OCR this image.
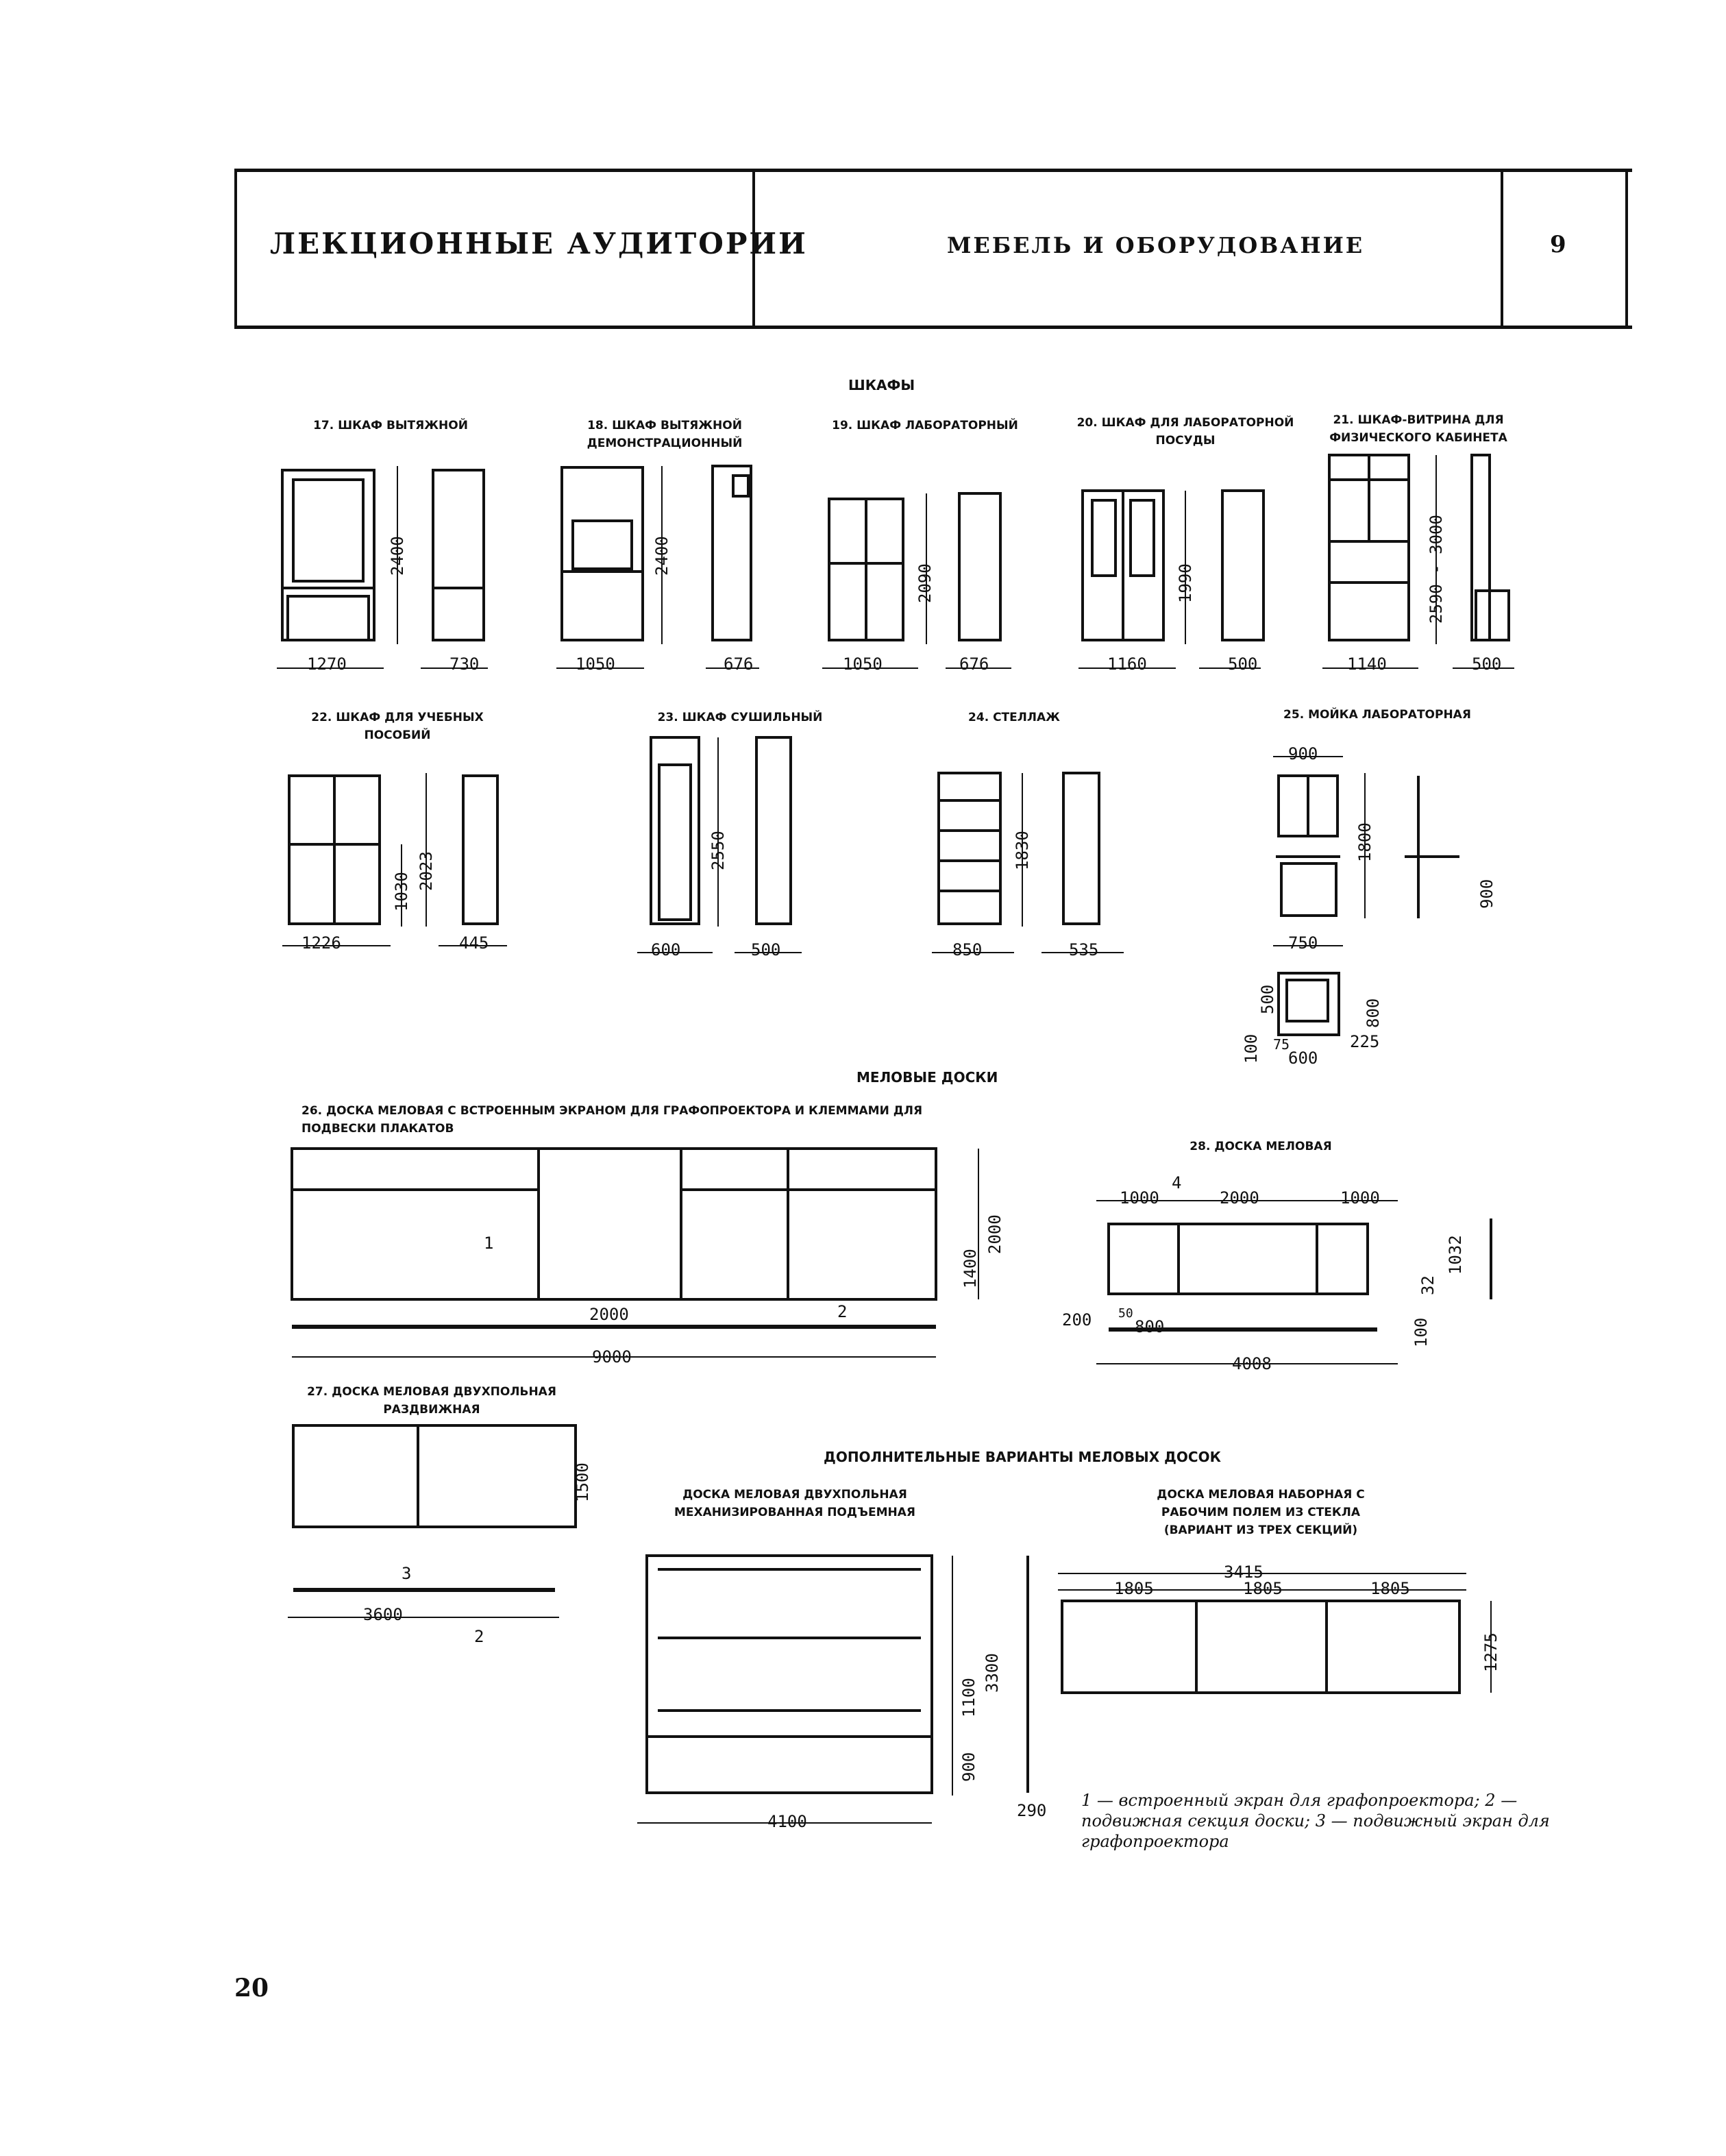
ЛЕКЦИОННЫЕ АУДИТОРИИ	МЕБЕЛЬ И ОБОРУДОВАНИЕ	9
ШКАФЫ
МЕЛОВЫЕ ДОСКИ
ДОПОЛНИТЕЛЬНЫЕ ВАРИАНТЫ МЕЛОВЫХ ДОСОК
17. ШКАФ ВЫТЯЖНОЙ	18. ШКАФ ВЫТЯЖНОЙ ДЕМОНСТРАЦИОННЫЙ
19. ШКАФ ЛАБОРАТОРНЫЙ	20. ШКАФ ДЛЯ ЛАБОРАТОРНОЙ ПОСУДЫ
21. ШКАФ-ВИТРИНА ДЛЯ ФИЗИЧЕСКОГО КАБИНЕТА
22. ШКАФ ДЛЯ УЧЕБНЫХ ПОСОБИЙ
23. ШКАФ СУШИЛЬНЫЙ	24. СТЕЛЛАЖ	25. МОЙКА ЛАБОРАТОРНАЯ
26. ДОСКА МЕЛОВАЯ С ВСТРОЕННЫМ ЭКРАНОМ ДЛЯ ГРАФОПРОЕКТОРА И КЛЕММАМИ ДЛЯ ПОДВЕСКИ ПЛАКАТОВ
28. ДОСКА МЕЛОВАЯ
27. ДОСКА МЕЛОВАЯ ДВУХПОЛЬНАЯ РАЗДВИЖНАЯ
ДОСКА МЕЛОВАЯ ДВУХПОЛЬНАЯ МЕХАНИЗИРОВАННАЯ ПОДЪЕМНАЯ
ДОСКА МЕЛОВАЯ НАБОРНАЯ С РАБОЧИМ ПОЛЕМ ИЗ СТЕКЛА (ВАРИАНТ ИЗ ТРЕХ СЕКЦИЙ)
2400
1270	730
2400
1050	676
2090
1050	676
1990
1160	500
2590 - 3000
1140	500
1030
2023
1226	445
2550
600	500
1830
850	535
900
1800
900
750
500	800
100 75	225
600
1400
2000
2000
9000
1
2
1000	2000	1000
4
1032
32
200 50
800	100
4008
1500
3600
3
2
1100
3300
900
4100
290
3415
1805	1805	1805
1275
1 — встроенный экран для графопроектора; 2 — подвижная секция доски; 3 — подвижный экран для графопроектора
20
